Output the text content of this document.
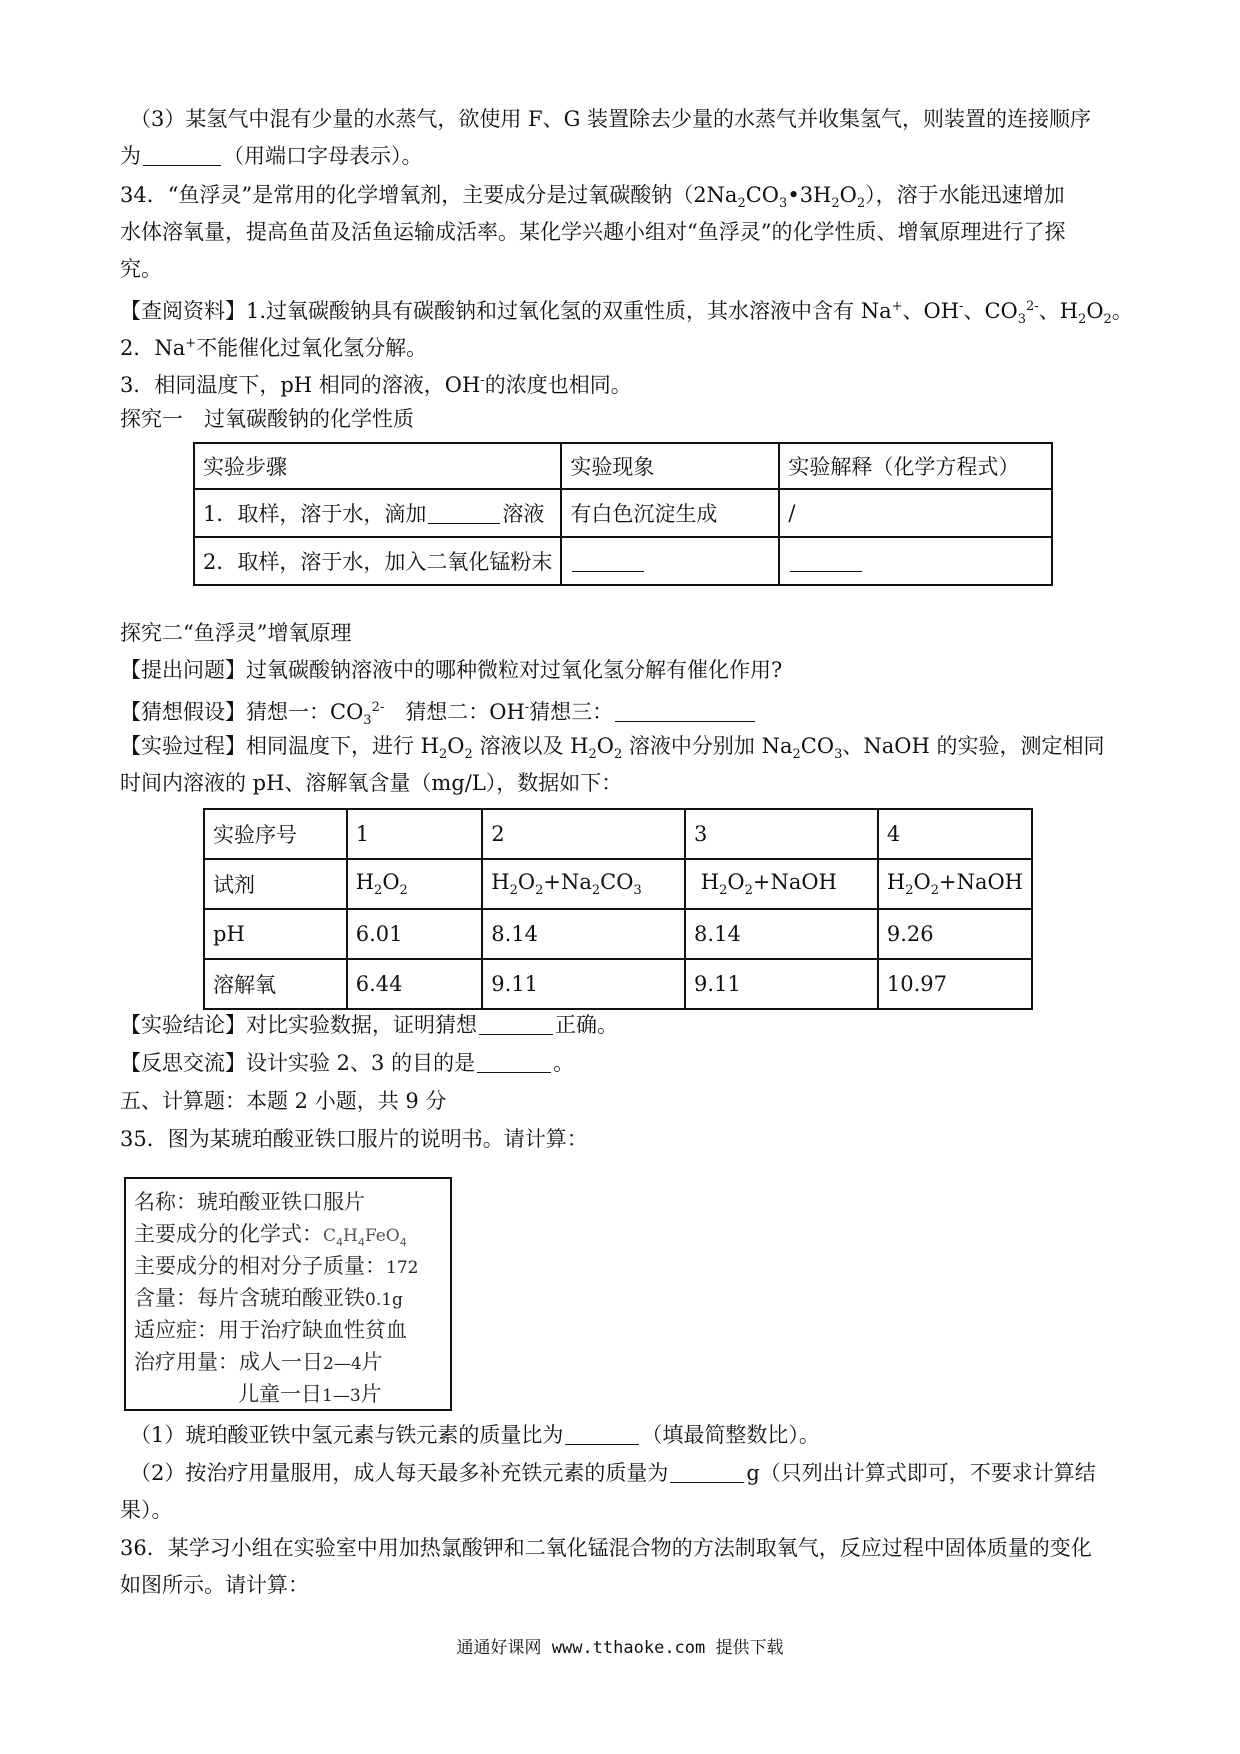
（3）某氢气中混有少量的水蒸气，欲使用 F、G 装置除去少量的水蒸气并收集氢气，则装置的连接顺序
为	（用端口字母表示）。
34．“鱼浮灵”是常用的化学增氧剂，主要成分是过氧碳酸钠$(2Na_2CO_3•3H_2O_2)$，溶于水能迅速增加
水体溶氧量，提高鱼苗及活鱼运输成活率。某化学兴趣小组对“鱼浮灵”的化学性质、增氧原理进行了探
究。
【查阅资料】1.过氧碳酸钠具有碳酸钠和过氧化氢的双重性质，其水溶液中含有 Na+、OH-、$CO_3^{2-}$、$H_2O_2$。
2．Na+不能催化过氧化氢分解。
3．相同温度下，pH 相同的溶液，OH-的浓度也相同。
探究一　过氧碳酸钠的化学性质
实验步骤	实验现象	实验解释（化学方程式）
1．取样，溶于水，滴加 溶液	有白色沉淀生成	/
2．取样，溶于水，加入二氧化锰粉末		
探究二“鱼浮灵”增氧原理
【提出问题】过氧碳酸钠溶液中的哪种微粒对过氧化氢分解有催化作用?
【猜想假设】猜想一：$CO_3^{2-}$　 猜想二：OH-猜想三：
【实验过程】相同温度下，进行 $H_2O_2$ 溶液以及 $H_2O_2$ 溶液中分别加 $Na_2CO_3$、NaOH 的实验，测定相同
时间内溶液的 pH、溶解氧含量（mg/L），数据如下：
实验序号	1	2	3	4
试剂	$H_2O_2$	$H_2O_2+Na_2CO_3$	$H_2O_2+NaOH$	$H_2O_2+NaOH$
pH	6.01	8.14	8.14	9.26
溶解氧	6.44	9.11	9.11	10.97
【实验结论】对比实验数据，证明猜想	正确。
【反思交流】设计实验 2、3 的目的是	。
五、计算题：本题 2 小题，共 9 分
35．图为某琥珀酸亚铁口服片的说明书。请计算：
名称：琥珀酸亚铁口服片
主要成分的化学式：$C_4H_4FeO_4$
主要成分的相对分子质量：172
含量：每片含琥珀酸亚铁0.1g
适应症：用于治疗缺血性贫血
治疗用量：成人一日2—4片
儿童一日1—3片
（1）琥珀酸亚铁中氢元素与铁元素的质量比为	（填最简整数比）。
（2）按治疗用量服用，成人每天最多补充铁元素的质量为	g（只列出计算式即可，不要求计算结
果）。
36．某学习小组在实验室中用加热氯酸钾和二氧化锰混合物的方法制取氧气，反应过程中固体质量的变化
如图所示。请计算：
通通好课网 www.tthaoke.com 提供下载
